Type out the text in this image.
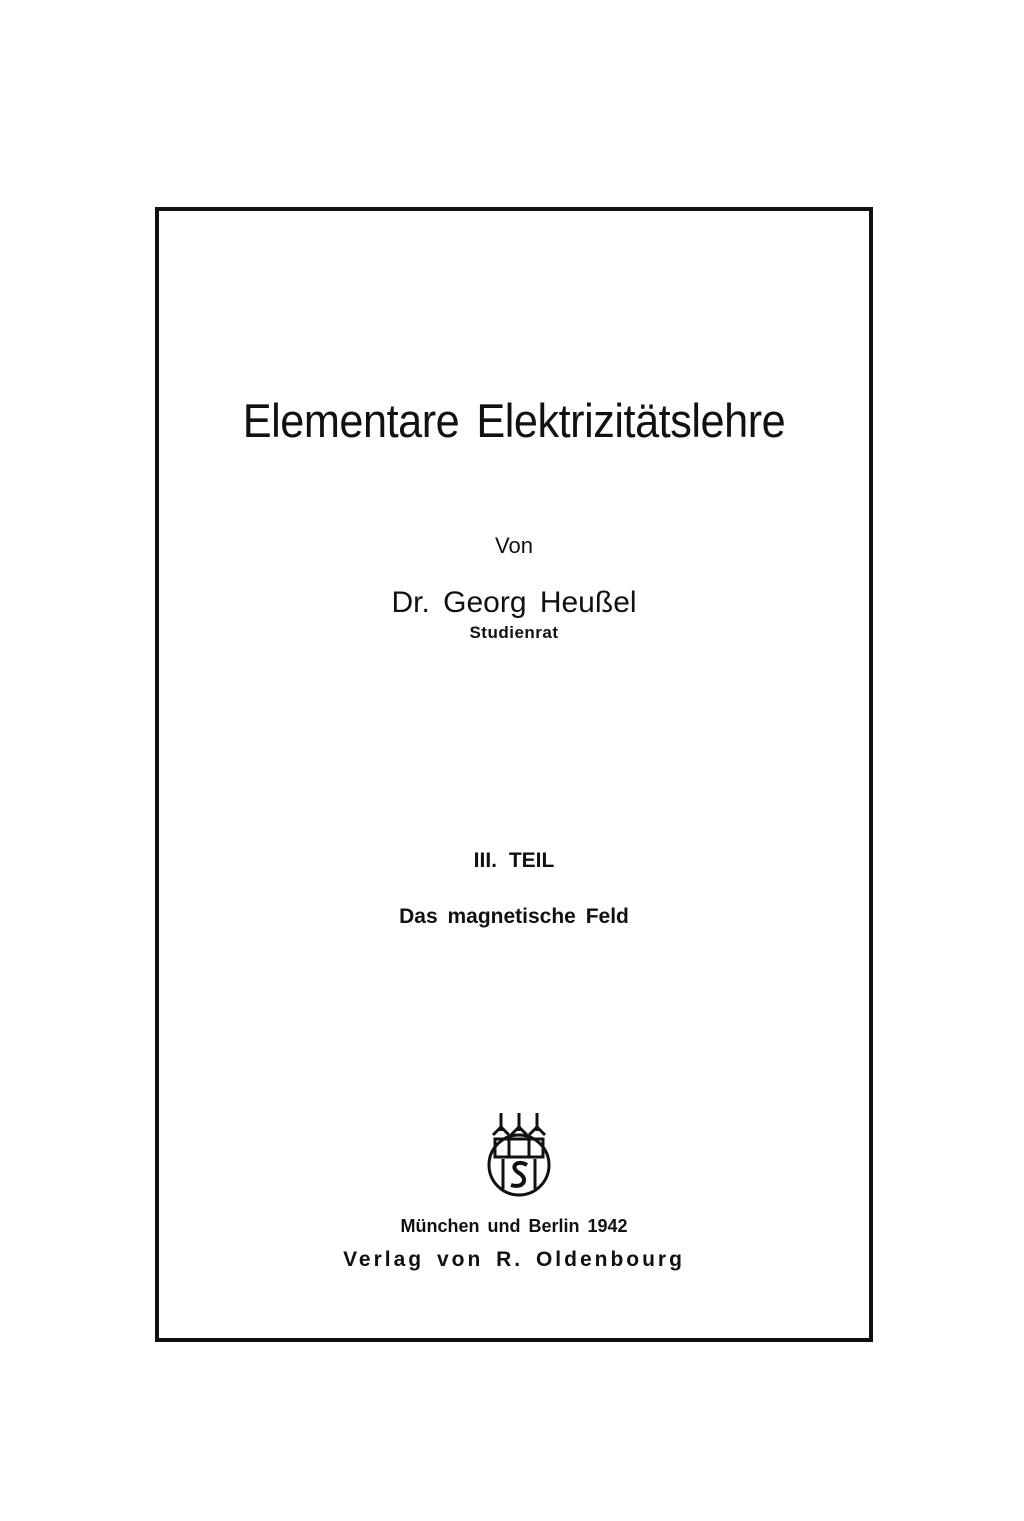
Elementare Elektrizitätslehre
Von
Dr. Georg Heußel
Studienrat
III. TEIL
Das magnetische Feld
München und Berlin 1942
Verlag von R. Oldenbourg
